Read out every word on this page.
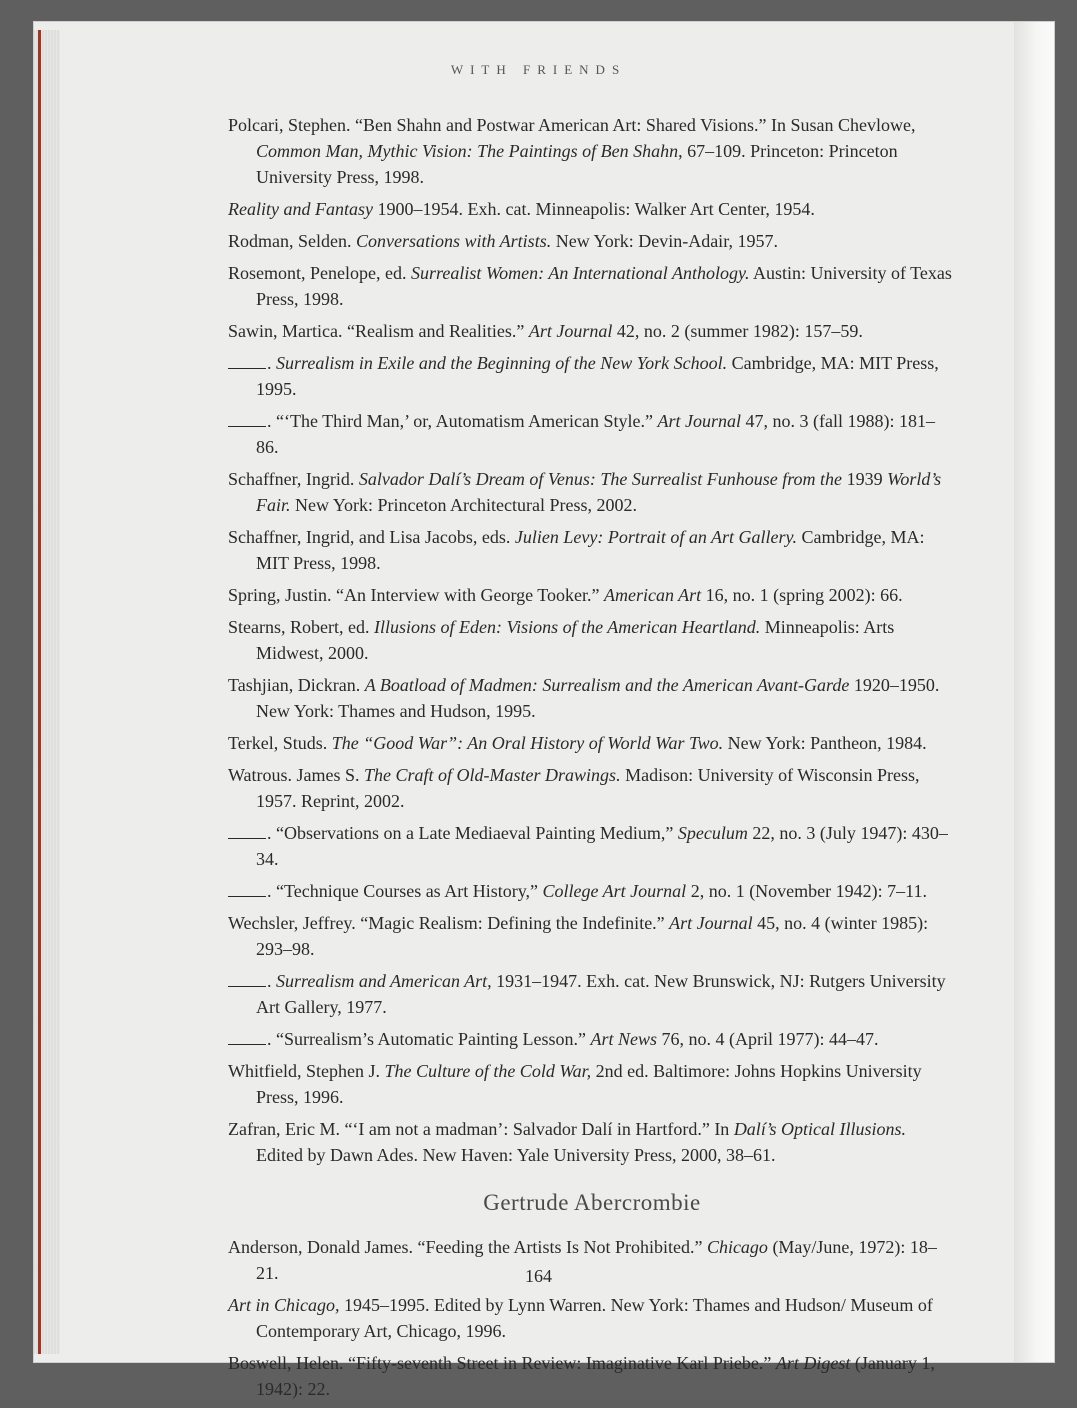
WITH FRIENDS
Polcari, Stephen. “Ben Shahn and Postwar American Art: Shared Visions.” In Susan Chevlowe, Common Man, Mythic Vision: The Paintings of Ben Shahn, 67–109. Princeton: Princeton University Press, 1998.
Reality and Fantasy 1900–1954. Exh. cat. Minneapolis: Walker Art Center, 1954.
Rodman, Selden. Conversations with Artists. New York: Devin-Adair, 1957.
Rosemont, Penelope, ed. Surrealist Women: An International Anthology. Austin: University of Texas Press, 1998.
Sawin, Martica. “Realism and Realities.” Art Journal 42, no. 2 (summer 1982): 157–59.
. Surrealism in Exile and the Beginning of the New York School. Cambridge, MA: MIT Press, 1995.
. “‘The Third Man,’ or, Automatism American Style.” Art Journal 47, no. 3 (fall 1988): 181–86.
Schaffner, Ingrid. Salvador Dalí’s Dream of Venus: The Surrealist Funhouse from the 1939 World’s Fair. New York: Princeton Architectural Press, 2002.
Schaffner, Ingrid, and Lisa Jacobs, eds. Julien Levy: Portrait of an Art Gallery. Cambridge, MA: MIT Press, 1998.
Spring, Justin. “An Interview with George Tooker.” American Art 16, no. 1 (spring 2002): 66.
Stearns, Robert, ed. Illusions of Eden: Visions of the American Heartland. Minneapolis: Arts Midwest, 2000.
Tashjian, Dickran. A Boatload of Madmen: Surrealism and the American Avant-Garde 1920–1950. New York: Thames and Hudson, 1995.
Terkel, Studs. The “Good War”: An Oral History of World War Two. New York: Pantheon, 1984.
Watrous. James S. The Craft of Old-Master Drawings. Madison: University of Wisconsin Press, 1957. Reprint, 2002.
. “Observations on a Late Mediaeval Painting Medium,” Speculum 22, no. 3 (July 1947): 430–34.
. “Technique Courses as Art History,” College Art Journal 2, no. 1 (November 1942): 7–11.
Wechsler, Jeffrey. “Magic Realism: Defining the Indefinite.” Art Journal 45, no. 4 (winter 1985): 293–98.
. Surrealism and American Art, 1931–1947. Exh. cat. New Brunswick, NJ: Rutgers University Art Gallery, 1977.
. “Surrealism’s Automatic Painting Lesson.” Art News 76, no. 4 (April 1977): 44–47.
Whitfield, Stephen J. The Culture of the Cold War, 2nd ed. Baltimore: Johns Hopkins University Press, 1996.
Zafran, Eric M. “‘I am not a madman’: Salvador Dalí in Hartford.” In Dalí’s Optical Illusions. Edited by Dawn Ades. New Haven: Yale University Press, 2000, 38–61.
Gertrude Abercrombie
Anderson, Donald James. “Feeding the Artists Is Not Prohibited.” Chicago (May/June, 1972): 18–21.
Art in Chicago, 1945–1995. Edited by Lynn Warren. New York: Thames and Hudson/ Museum of Contemporary Art, Chicago, 1996.
Boswell, Helen. “Fifty-seventh Street in Review: Imaginative Karl Priebe.” Art Digest (January 1, 1942): 22.
164
